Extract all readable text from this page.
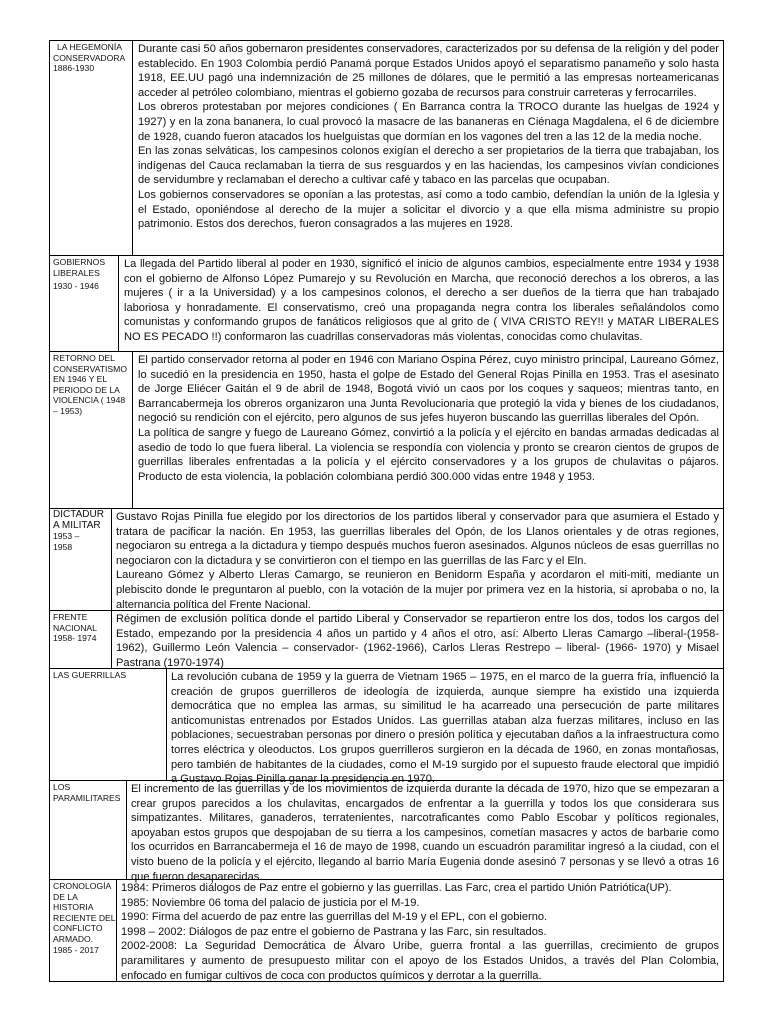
LA HEGEMONÍA
CONSERVADORA
1886-1930

Durante casi 50 años gobernaron presidentes conservadores, caracterizados por su defensa de la religión y del poder establecido. En 1903 Colombia perdió Panamá porque Estados Unidos apoyó el separatismo panameño y solo hasta 1918, EE.UU pagó una indemnización de 25 millones de dólares, que le permitió a las empresas norteamericanas acceder al petróleo colombiano, mientras el gobierno gozaba de recursos para construir carreteras y ferrocarriles.

Los obreros protestaban por mejores condiciones ( En Barranca contra la TROCO durante las huelgas de 1924 y 1927) y en la zona bananera, lo cual provocó la masacre de las bananeras en Ciénaga Magdalena, el 6 de diciembre de 1928, cuando fueron atacados los huelguistas que dormían en los vagones del tren a las 12 de la media noche.

En las zonas selváticas, los campesinos colonos exigían el derecho a ser propietarios de la tierra que trabajaban, los indígenas del Cauca reclamaban la tierra de sus resguardos y en las haciendas, los campesinos vivían condiciones de servidumbre y reclamaban el derecho a cultivar café y tabaco en las parcelas que ocupaban.

Los gobiernos conservadores se oponían a las protestas, así como a todo cambio, defendían la unión de la Iglesia y el Estado, oponiéndose al derecho de la mujer a solicitar el divorcio y a que ella misma administre su propio patrimonio. Estos dos derechos, fueron consagrados a las mujeres en 1928.

GOBIERNOS
LIBERALES
1930 - 1946

La llegada del Partido liberal al poder en 1930, significó el inicio de algunos cambios, especialmente entre 1934 y 1938 con el gobierno de Alfonso López Pumarejo y su Revolución en Marcha, que reconoció derechos a los obreros, a las mujeres ( ir a la Universidad) y a los campesinos colonos, el derecho a ser dueños de la tierra que han trabajado laboriosa y honradamente. El conservatismo, creó una propaganda negra contra los liberales señalándolos como comunistas y conformando grupos de fanáticos religiosos que al grito de ( VIVA CRISTO REY!! y MATAR LIBERALES NO ES PECADO !!) conformaron las cuadrillas conservadoras más violentas, conocidas como chulavitas.

RETORNO DEL
CONSERVATISMO
EN 1946 Y EL
PERIODO DE LA
VIOLENCIA ( 1948
– 1953)

El partido conservador retorna al poder en 1946 con Mariano Ospina Pérez, cuyo ministro principal, Laureano Gómez, lo sucedió en la presidencia en 1950, hasta el golpe de Estado del General Rojas Pinilla en 1953. Tras el asesinato de Jorge Eliécer Gaitán el 9 de abril de 1948, Bogotá vivió un caos por los coques y saqueos; mientras tanto, en Barrancabermeja los obreros organizaron una Junta Revolucionaria que protegió la vida y bienes de los ciudadanos, negoció su rendición con el ejército, pero algunos de sus jefes huyeron buscando las guerrillas liberales del Opón.

La política de sangre y fuego de Laureano Gómez, convirtió a la policía y el ejército en bandas armadas dedicadas al asedio de todo lo que fuera liberal. La violencia se respondía con violencia y pronto se crearon cientos de grupos de guerrillas liberales enfrentadas a la policía y el ejército conservadores y a los grupos de chulavitas o pájaros. Producto de esta violencia, la población colombiana perdió 300.000 vidas entre 1948 y 1953.

DICTADUR
A MILITAR
1953 –
1958

Gustavo Rojas Pinilla fue elegido por los directorios de los partidos liberal y conservador para que asumiera el Estado y tratara de pacificar la nación. En 1953, las guerrillas liberales del Opón, de los Llanos orientales y de otras regiones, negociaron su entrega a la dictadura y tiempo después muchos fueron asesinados. Algunos núcleos de esas guerrillas no negociaron con la dictadura y se convirtieron con el tiempo en las guerrillas de las Farc y el Eln.

Laureano Gómez y Alberto Lleras Camargo, se reunieron en Benidorm España y acordaron el miti-miti, mediante un plebiscito donde le preguntaron al pueblo, con la votación de la mujer por primera vez en la historia, si aprobaba o no, la alternancia política del Frente Nacional.

FRENTE
NACIONAL
1958- 1974

Régimen de exclusión política donde el partido Liberal y Conservador se repartieron entre los dos, todos los cargos del Estado, empezando por la presidencia 4 años un partido y 4 años el otro, así: Alberto Lleras Camargo –liberal-(1958-1962), Guillermo León Valencia – conservador- (1962-1966), Carlos Lleras Restrepo – liberal- (1966- 1970) y Misael Pastrana (1970-1974)

LAS GUERRILLAS	La revolución cubana de 1959 y la guerra de Vietnam 1965 – 1975, en el marco de la guerra fría, influenció la creación de grupos guerrilleros de ideología de izquierda, aunque siempre ha existido una izquierda democrática que no emplea las armas, su similitud le ha acarreado una persecución de parte militares anticomunistas entrenados por Estados Unidos. Las guerrillas ataban alza fuerzas militares, incluso en las poblaciones, secuestraban personas por dinero o presión política y ejecutaban daños a la infraestructura como torres eléctrica y oleoductos. Los grupos guerrilleros surgieron en la década de 1960, en zonas montañosas, pero también de habitantes de la ciudades, como el M-19 surgido por el supuesto fraude electoral que impidió a Gustavo Rojas Pinilla ganar la presidencia en 1970.

LOS
PARAMILITARES

El incremento de las guerrillas y de los movimientos de izquierda durante la década de 1970, hizo que se empezaran a crear grupos parecidos a los chulavitas, encargados de enfrentar a la guerrilla y todos los que considerara sus simpatizantes. Militares, ganaderos, terratenientes, narcotraficantes como Pablo Escobar y políticos regionales, apoyaban estos grupos que despojaban de su tierra a los campesinos, cometían masacres y actos de barbarie como los ocurridos en Barrancabermeja el 16 de mayo de 1998, cuando un escuadrón paramilitar ingresó a la ciudad, con el visto bueno de la policía y el ejército, llegando al barrio María Eugenia donde asesinó 7 personas y se llevó a otras 16 que fueron desaparecidas.

CRONOLOGÍA
DE LA
HISTORIA
RECIENTE DEL
CONFLICTO
ARMADO.
1985 - 2017

1984: Primeros diálogos de Paz entre el gobierno y las guerrillas. Las Farc, crea el partido Unión Patriótica(UP).

1985: Noviembre 06 toma del palacio de justicia por el M-19.

1990: Firma del acuerdo de paz entre las guerrillas del M-19 y el EPL, con el gobierno.

1998 – 2002: Diálogos de paz entre el gobierno de Pastrana y las Farc, sin resultados.

2002-2008: La Seguridad Democrática de Álvaro Uribe, guerra frontal a las guerrillas, crecimiento de grupos paramilitares y aumento de presupuesto militar con el apoyo de los Estados Unidos, a través del Plan Colombia, enfocado en fumigar cultivos de coca con productos químicos y derrotar a la guerrilla.
